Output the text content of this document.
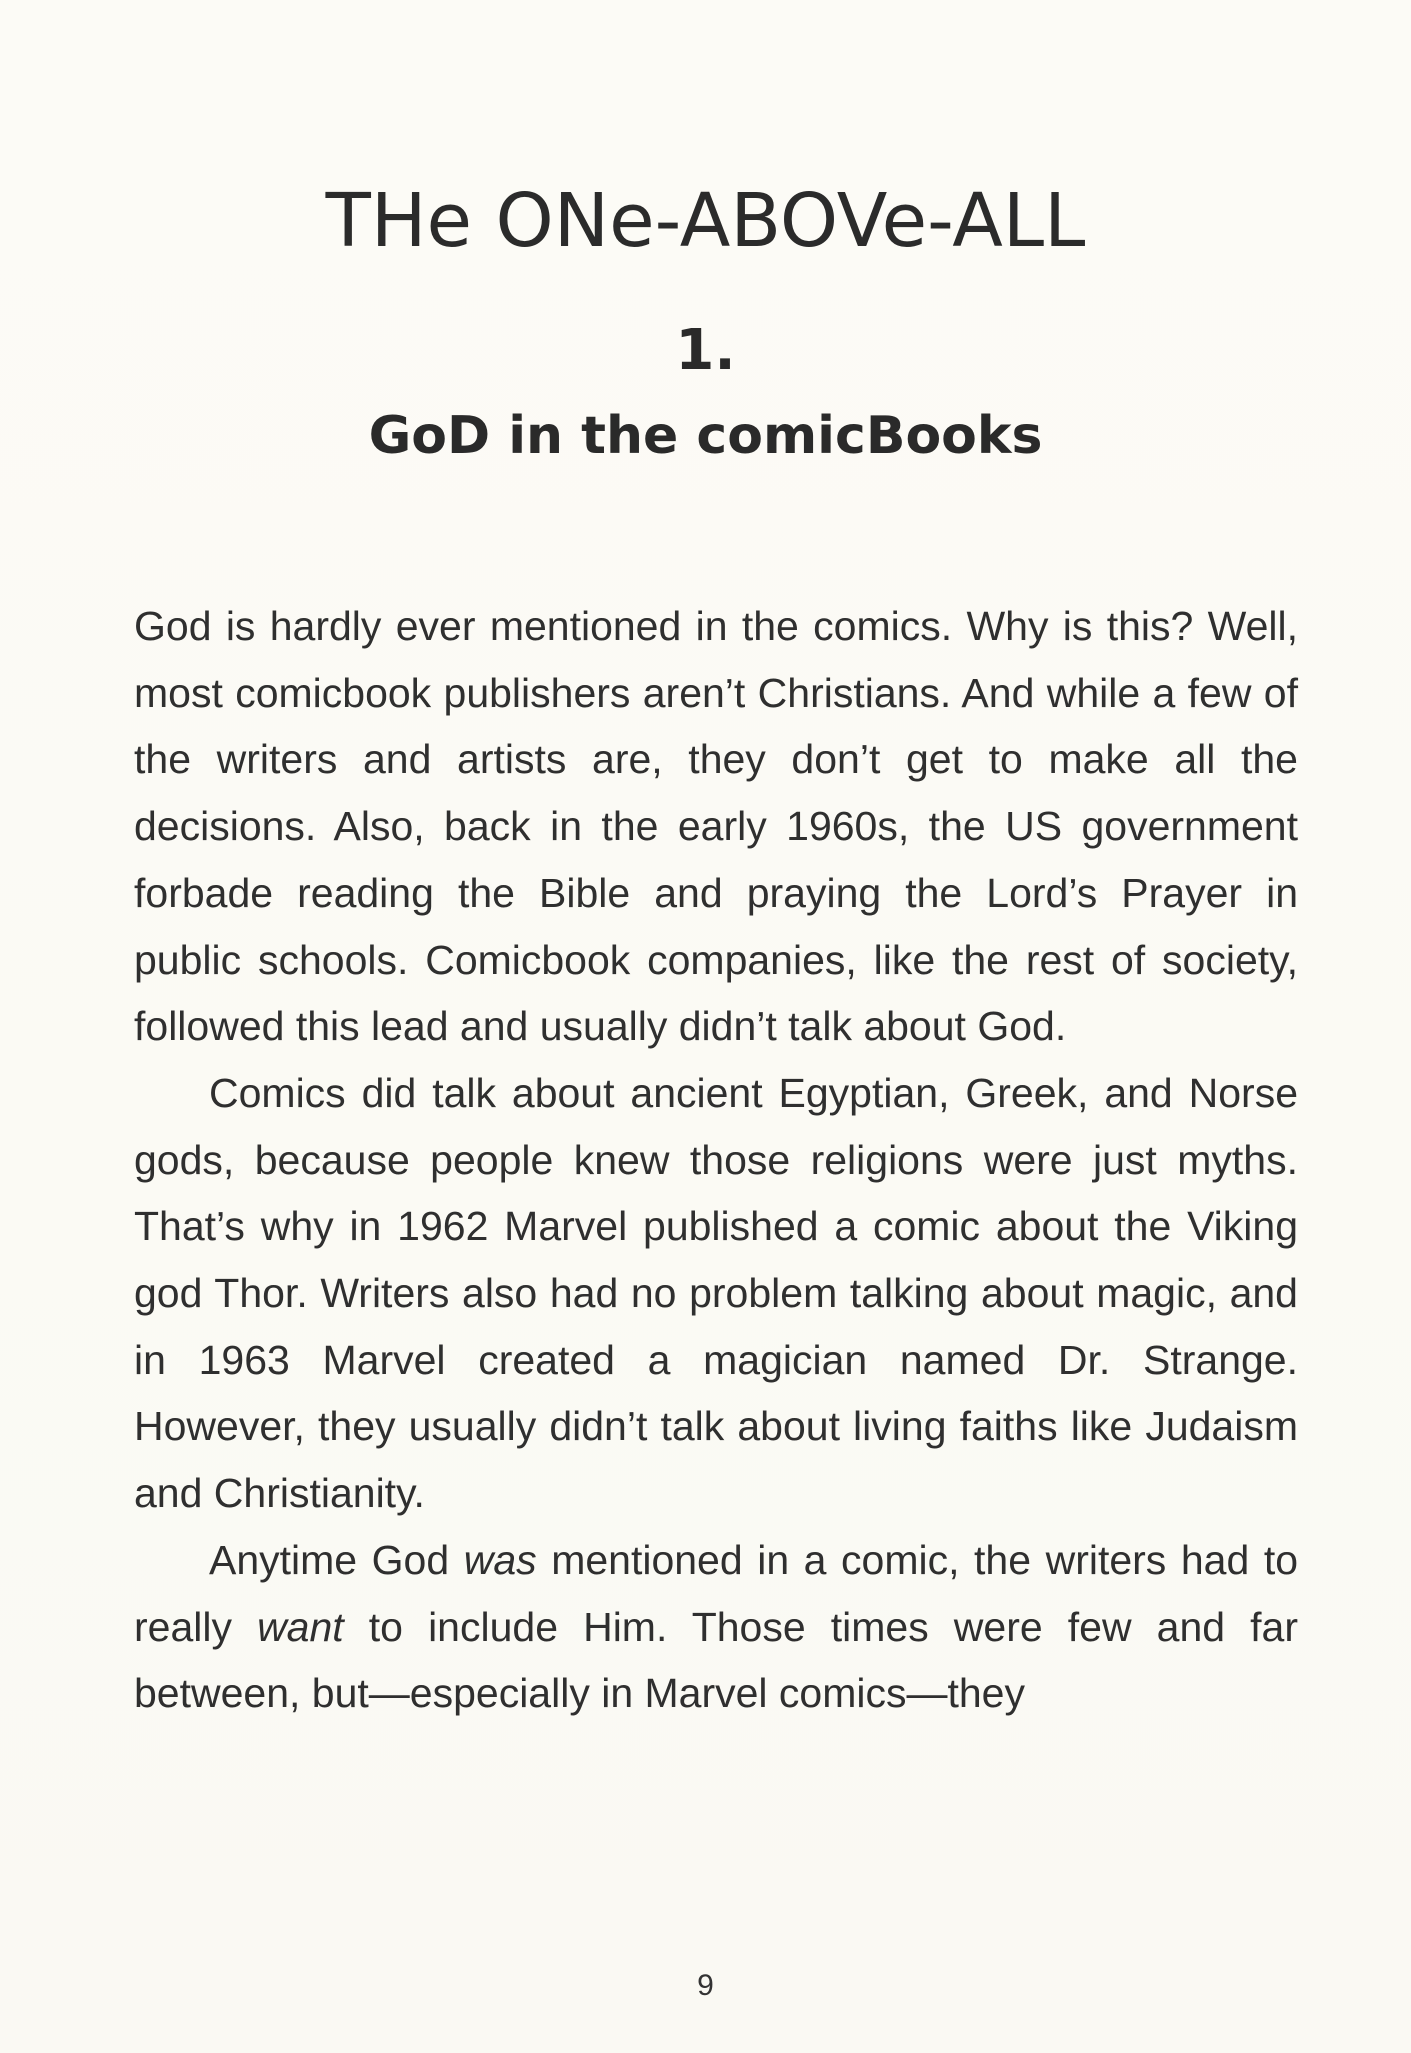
THe ONe-ABOVe-ALL
1.
GoD in the comicBooks

God is hardly ever mentioned in the comics. Why is this? Well, most comicbook publishers aren’t Christians. And while a few of the writers and artists are, they don’t get to make all the decisions. Also, back in the early 1960s, the US government forbade reading the Bible and praying the Lord’s Prayer in public schools. Comicbook companies, like the rest of society, followed this lead and usually didn’t talk about God.

Comics did talk about ancient Egyptian, Greek, and Norse gods, because people knew those religions were just myths. That’s why in 1962 Marvel published a comic about the Viking god Thor. Writers also had no problem talking about magic, and in 1963 Marvel created a magician named Dr. Strange. However, they usually didn’t talk about living faiths like Judaism and Christianity.

Anytime God was mentioned in a comic, the writers had to really want to include Him. Those times were few and far between, but—especially in Marvel comics—they

9
